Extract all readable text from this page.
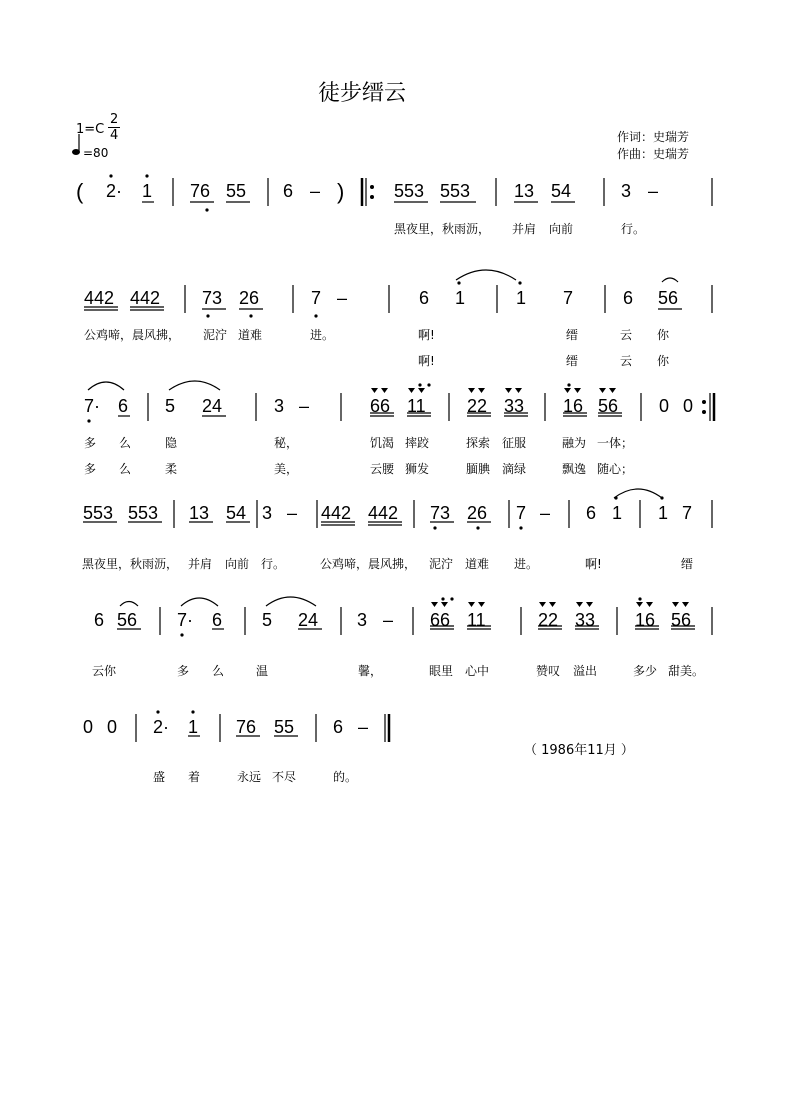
徒步缙云
1=C
2
4
=80
作词：史瑞芳
作曲：史瑞芳
( 2· 1 76 55 6 – )	553 553 13 54	3 –
黑夜里，秋雨沥， 并肩 向前	行。
442 442 73 26	7 –	6 1	1 7	6 56
公鸡啼，晨风拂， 泥泞 道难	进。	啊!	缙	云 你
啊!	缙	云 你
7· 6 5 24	3 –	66 11 22 33 16 56 0 0
多 么	隐	秘，	饥渴 摔跤	探索 征服	融为 一体；
多 么	柔	美，	云腰 狮发	腼腆 滴绿	飘逸 随心；
553 553 13 54 3 – 442 442 73 26 7 – 6 1 1 7
黑夜里，秋雨沥， 并肩 向前 行。	公鸡啼，晨风拂， 泥泞 道难 进。	啊!	缙
6 56 7· 6 5 24 3 – 66 11	22 33 16 56
云你	多 么	温	馨，	眼里 心中	赞叹 溢出	多少 甜美。
0 0 2· 1 76 55 6 –
盛 着	永远 不尽	的。
（ 1986年11月 ）
